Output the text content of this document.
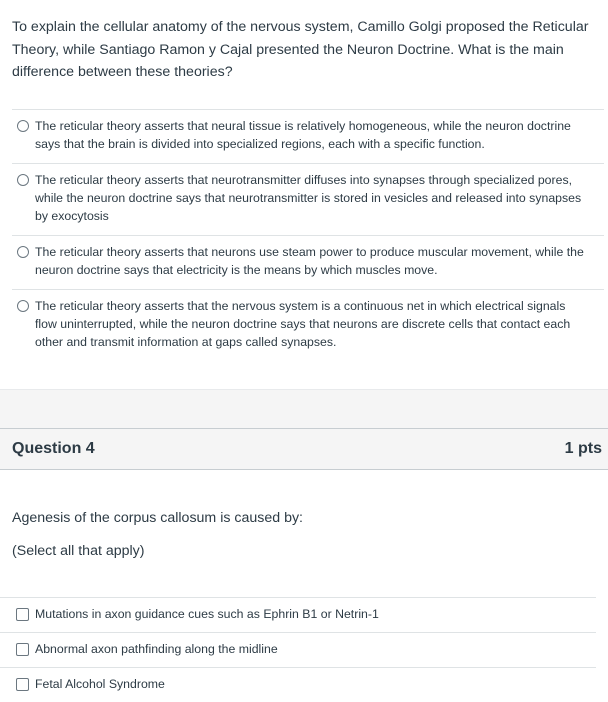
To explain the cellular anatomy of the nervous system, Camillo Golgi proposed the Reticular Theory, while Santiago Ramon y Cajal presented the Neuron Doctrine. What is the main difference between these theories?

The reticular theory asserts that neural tissue is relatively homogeneous, while the neuron doctrine says that the brain is divided into specialized regions, each with a specific function.
The reticular theory asserts that neurotransmitter diffuses into synapses through specialized pores, while the neuron doctrine says that neurotransmitter is stored in vesicles and released into synapses by exocytosis
The reticular theory asserts that neurons use steam power to produce muscular movement, while the neuron doctrine says that electricity is the means by which muscles move.
The reticular theory asserts that the nervous system is a continuous net in which electrical signals flow uninterrupted, while the neuron doctrine says that neurons are discrete cells that contact each other and transmit information at gaps called synapses.
Question 4	1 pts

Agenesis of the corpus callosum is caused by:

(Select all that apply)

Mutations in axon guidance cues such as Ephrin B1 or Netrin-1
Abnormal axon pathfinding along the midline
Fetal Alcohol Syndrome
